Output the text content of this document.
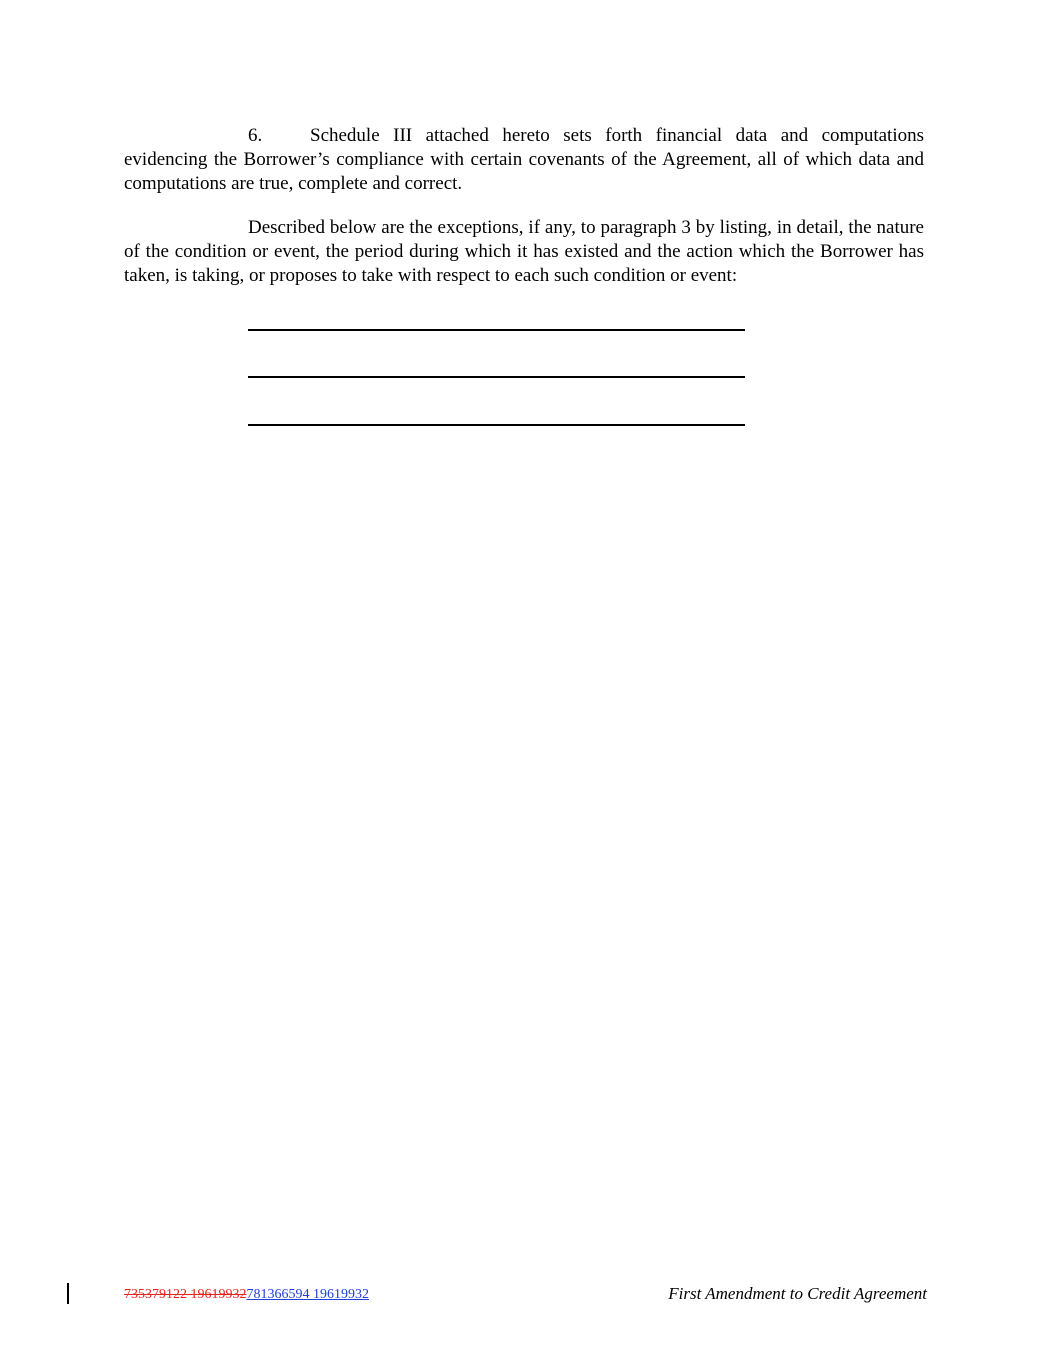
6.	Schedule III attached hereto sets forth financial data and computations evidencing the Borrower’s compliance with certain covenants of the Agreement, all of which data and computations are true, complete and correct.

Described below are the exceptions, if any, to paragraph 3 by listing, in detail, the nature of the condition or event, the period during which it has existed and the action which the Borrower has taken, is taking, or proposes to take with respect to each such condition or event:

735379122 19619932781366594 19619932	First Amendment to Credit Agreement
